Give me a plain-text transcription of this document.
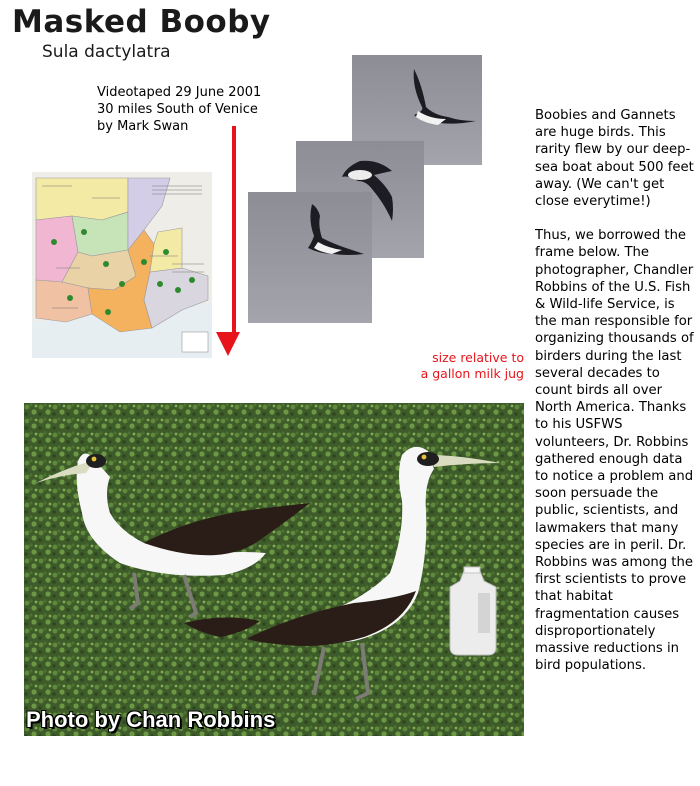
Masked Booby
Sula dactylatra
Videotaped 29 June 2001
30 miles South of Venice
by Mark Swan

Boobies and Gannets are huge birds. This rarity flew by our deep-sea boat about 500 feet away. (We can't get close everytime!)

Thus, we borrowed the frame below. The photographer, Chandler Robbins of the U.S. Fish & Wild-life Service, is the man responsible for organizing thousands of birders during the last several decades to count birds all over North America. Thanks to his USFWS volunteers, Dr. Robbins gathered enough data to notice a problem and soon persuade the public, scientists, and lawmakers that many species are in peril. Dr. Robbins was among the first scientists to prove that habitat fragmentation causes disproportionately massive reductions in bird populations.

size relative to
a gallon milk jug
Photo by Chan Robbins
